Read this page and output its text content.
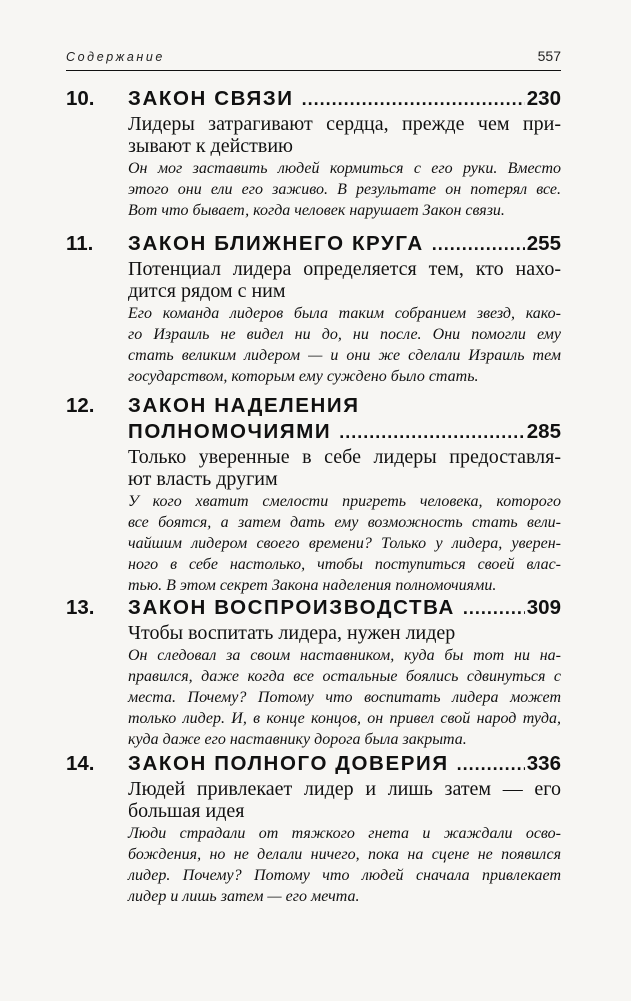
Содержание	557
10. ЗАКОН СВЯЗИ .....	230
Лидеры затрагивают сердца, прежде чем при-
зывают к действию
Он мог заставить людей кормиться с его руки. Вместо
этого они ели его заживо. В результате он потерял все.
Вот что бывает, когда человек нарушает Закон связи.
11. ЗАКОН БЛИЖНЕГО КРУГА .....	255
Потенциал лидера определяется тем, кто нахо-
дится рядом с ним
Его команда лидеров была таким собранием звезд, како-
го Израиль не видел ни до, ни после. Они помогли ему
стать великим лидером — и они же сделали Израиль тем
государством, которым ему суждено было стать.
12. ЗАКОН НАДЕЛЕНИЯ
ПОЛНОМОЧИЯМИ .....	285
Только уверенные в себе лидеры предоставля-
ют власть другим
У кого хватит смелости пригреть человека, которого
все боятся, а затем дать ему возможность стать вели-
чайшим лидером своего времени? Только у лидера, уверен-
ного в себе настолько, чтобы поступиться своей влас-
тью. В этом секрет Закона наделения полномочиями.
13. ЗАКОН ВОСПРОИЗВОДСТВА .....	309
Чтобы воспитать лидера, нужен лидер
Он следовал за своим наставником, куда бы тот ни на-
правился, даже когда все остальные боялись сдвинуться с
места. Почему? Потому что воспитать лидера может
только лидер. И, в конце концов, он привел свой народ туда,
куда даже его наставнику дорога была закрыта.
14. ЗАКОН ПОЛНОГО ДОВЕРИЯ .....	336
Людей привлекает лидер и лишь затем — его
большая идея
Люди страдали от тяжкого гнета и жаждали осво-
бождения, но не делали ничего, пока на сцене не появился
лидер. Почему? Потому что людей сначала привлекает
лидер и лишь затем — его мечта.
